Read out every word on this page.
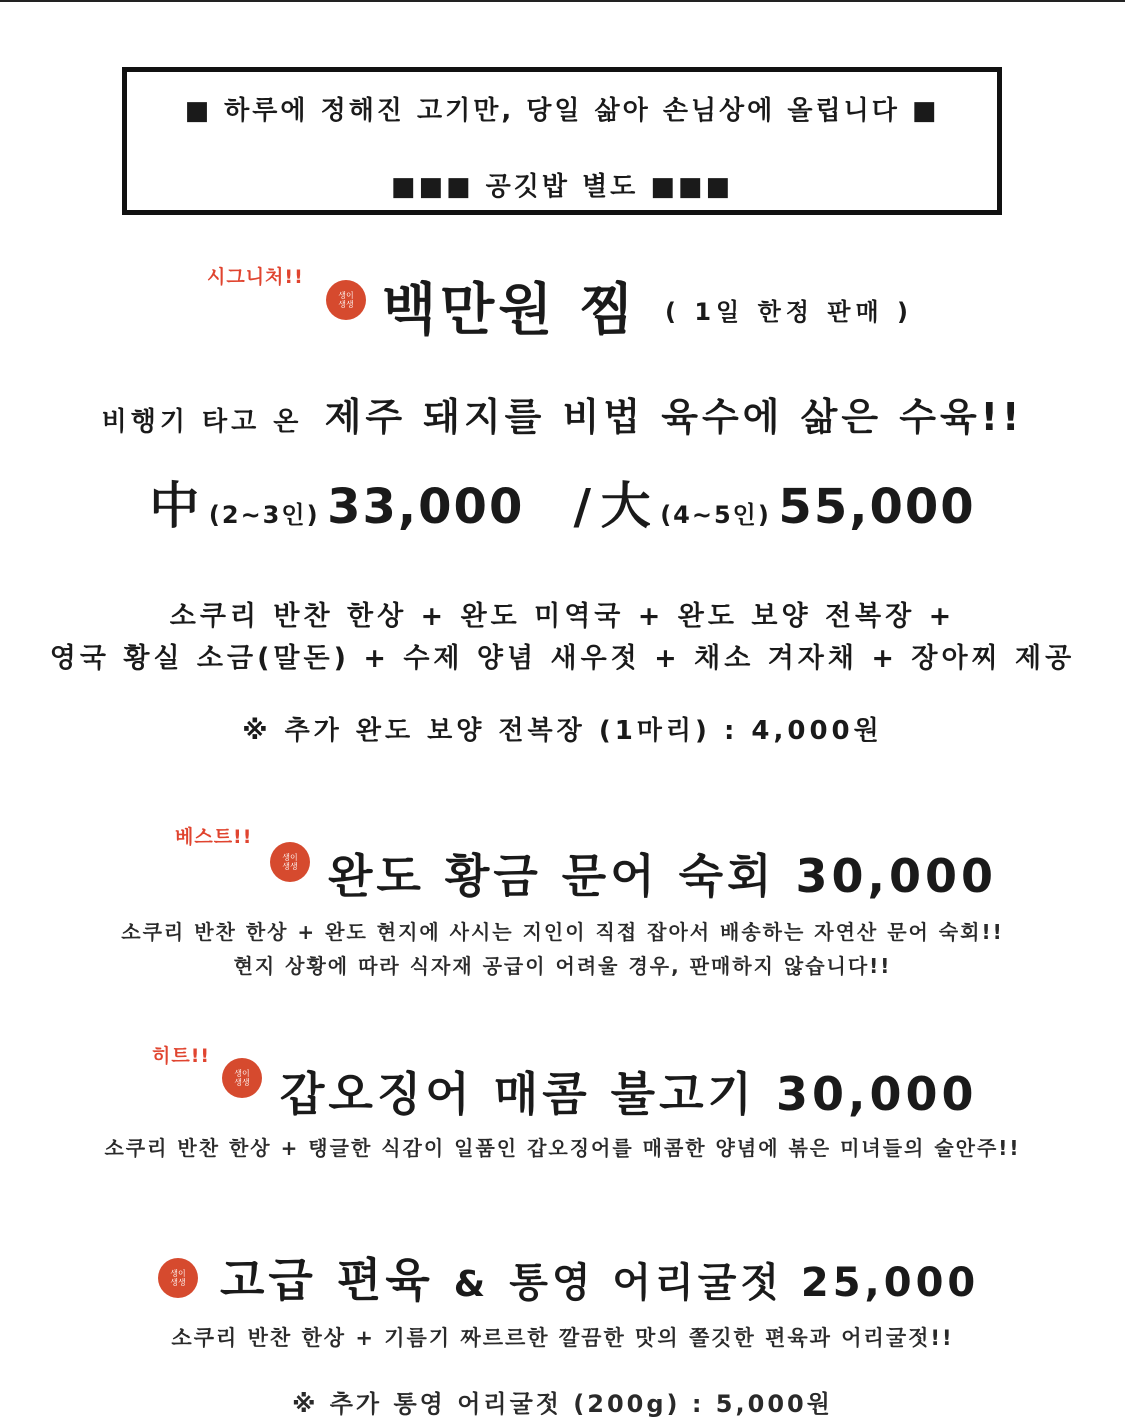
■ 하루에 정해진 고기만, 당일 삶아 손님상에 올립니다 ■
■■■ 공깃밥 별도 ■■■
시그니처!!
생이
생생 백만원 찜 ( 1일 한정 판매 )
비행기 타고 온 제주 돼지를 비법 육수에 삶은 수육!!
中 (2~3인) 33,000 / 大 (4~5인) 55,000
소쿠리 반찬 한상 + 완도 미역국 + 완도 보양 전복장 +
영국 황실 소금(말돈) + 수제 양념 새우젓 + 채소 겨자채 + 장아찌 제공
※ 추가 완도 보양 전복장 (1마리) : 4,000원
베스트!!
생이
생생 완도 황금 문어 숙회 30,000
소쿠리 반찬 한상 + 완도 현지에 사시는 지인이 직접 잡아서 배송하는 자연산 문어 숙회!!
현지 상황에 따라 식자재 공급이 어려울 경우, 판매하지 않습니다!!
히트!!
생이
생생 갑오징어 매콤 불고기 30,000
소쿠리 반찬 한상 + 탱글한 식감이 일품인 갑오징어를 매콤한 양념에 볶은 미녀들의 술안주!!
생이
생생 고급 편육 & 통영 어리굴젓 25,000
소쿠리 반찬 한상 + 기름기 짜르르한 깔끔한 맛의 쫄깃한 편육과 어리굴젓!!
※ 추가 통영 어리굴젓 (200g) : 5,000원
